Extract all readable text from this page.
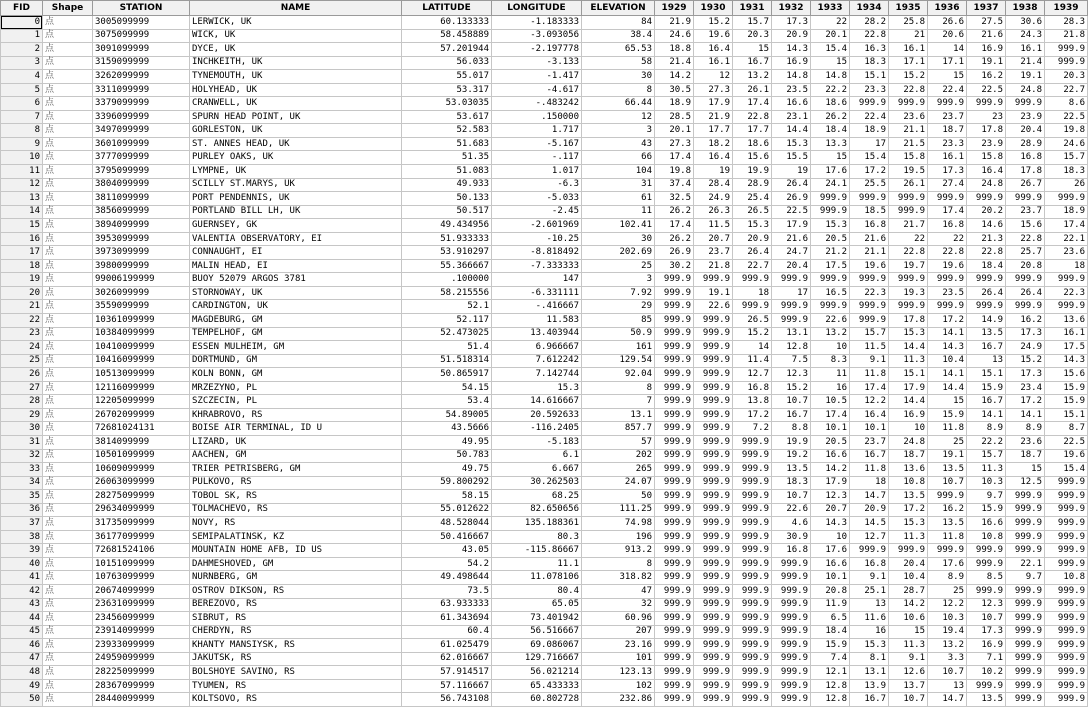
FID	Shape	STATION	NAME	LATITUDE	LONGITUDE	ELEVATION	1929	1930	1931	1932	1933	1934	1935	1936	1937	1938	1939
0	点	3005099999	LERWICK, UK	60.133333	-1.183333	84	21.9	15.2	15.7	17.3	22	28.2	25.8	26.6	27.5	30.6	28.3
1	点	3075099999	WICK, UK	58.458889	-3.093056	38.4	24.6	19.6	20.3	20.9	20.1	22.8	21	20.6	21.6	24.3	21.8
2	点	3091099999	DYCE, UK	57.201944	-2.197778	65.53	18.8	16.4	15	14.3	15.4	16.3	16.1	14	16.9	16.1	999.9
3	点	3159099999	INCHKEITH, UK	56.033	-3.133	58	21.4	16.1	16.7	16.9	15	18.3	17.1	17.1	19.1	21.4	999.9
4	点	3262099999	TYNEMOUTH, UK	55.017	-1.417	30	14.2	12	13.2	14.8	14.8	15.1	15.2	15	16.2	19.1	20.3
5	点	3311099999	HOLYHEAD, UK	53.317	-4.617	8	30.5	27.3	26.1	23.5	22.2	23.3	22.8	22.4	22.5	24.8	22.7
6	点	3379099999	CRANWELL, UK	53.03035	-.483242	66.44	18.9	17.9	17.4	16.6	18.6	999.9	999.9	999.9	999.9	999.9	8.6
7	点	3396099999	SPURN HEAD POINT, UK	53.617	.150000	12	28.5	21.9	22.8	23.1	26.2	22.4	23.6	23.7	23	23.9	22.5
8	点	3497099999	GORLESTON, UK	52.583	1.717	3	20.1	17.7	17.7	14.4	18.4	18.9	21.1	18.7	17.8	20.4	19.8
9	点	3601099999	ST. ANNES HEAD, UK	51.683	-5.167	43	27.3	18.2	18.6	15.3	13.3	17	21.5	23.3	23.9	28.9	24.6
10	点	3777099999	PURLEY OAKS, UK	51.35	-.117	66	17.4	16.4	15.6	15.5	15	15.4	15.8	16.1	15.8	16.8	15.7
11	点	3795099999	LYMPNE, UK	51.083	1.017	104	19.8	19	19.9	19	17.6	17.2	19.5	17.3	16.4	17.8	18.3
12	点	3804099999	SCILLY ST.MARYS, UK	49.933	-6.3	31	37.4	28.4	28.9	26.4	24.1	25.5	26.1	27.4	24.8	26.7	26
13	点	3811099999	PORT PENDENNIS, UK	50.133	-5.033	61	32.5	24.9	25.4	26.9	999.9	999.9	999.9	999.9	999.9	999.9	999.9
14	点	3856099999	PORTLAND BILL LH, UK	50.517	-2.45	11	26.2	26.3	26.5	22.5	999.9	18.5	999.9	17.4	20.2	23.7	18.9
15	点	3894099999	GUERNSEY, GK	49.434956	-2.601969	102.41	17.4	11.5	15.3	17.9	15.3	16.8	21.7	16.8	14.6	15.6	17.4
16	点	3953099999	VALENTIA OBSERVATORY, EI	51.933333	-10.25	30	26.2	20.7	20.9	21.6	20.5	21.6	22	22	21.3	22.8	22.1
17	点	3973099999	CONNAUGHT, EI	53.910297	-8.818492	202.69	26.9	23.7	26.4	24.7	21.2	21.1	22.8	22.8	22.8	25.7	23.6
18	点	3980099999	MALIN HEAD, EI	55.366667	-7.333333	25	30.2	21.8	22.7	20.4	17.5	19.6	19.7	19.6	18.4	20.8	18
19	点	99006199999	BUOY 52079 ARGOS 3781	.100000	147	3	999.9	999.9	999.9	999.9	999.9	999.9	999.9	999.9	999.9	999.9	999.9
20	点	3026099999	STORNOWAY, UK	58.215556	-6.331111	7.92	999.9	19.1	18	17	16.5	22.3	19.3	23.5	26.4	26.4	22.3
21	点	3559099999	CARDINGTON, UK	52.1	-.416667	29	999.9	22.6	999.9	999.9	999.9	999.9	999.9	999.9	999.9	999.9	999.9
22	点	10361099999	MAGDEBURG, GM	52.117	11.583	85	999.9	999.9	26.5	999.9	22.6	999.9	17.8	17.2	14.9	16.2	13.6
23	点	10384099999	TEMPELHOF, GM	52.473025	13.403944	50.9	999.9	999.9	15.2	13.1	13.2	15.7	15.3	14.1	13.5	17.3	16.1
24	点	10410099999	ESSEN MULHEIM, GM	51.4	6.966667	161	999.9	999.9	14	12.8	10	11.5	14.4	14.3	16.7	24.9	17.5
25	点	10416099999	DORTMUND, GM	51.518314	7.612242	129.54	999.9	999.9	11.4	7.5	8.3	9.1	11.3	10.4	13	15.2	14.3
26	点	10513099999	KOLN BONN, GM	50.865917	7.142744	92.04	999.9	999.9	12.7	12.3	11	11.8	15.1	14.1	15.1	17.3	15.6
27	点	12116099999	MRZEZYNO, PL	54.15	15.3	8	999.9	999.9	16.8	15.2	16	17.4	17.9	14.4	15.9	23.4	15.9
28	点	12205099999	SZCZECIN, PL	53.4	14.616667	7	999.9	999.9	13.8	10.7	10.5	12.2	14.4	15	16.7	17.2	15.9
29	点	26702099999	KHRABROVO, RS	54.89005	20.592633	13.1	999.9	999.9	17.2	16.7	17.4	16.4	16.9	15.9	14.1	14.1	15.1
30	点	72681024131	BOISE AIR TERMINAL, ID U	43.5666	-116.2405	857.7	999.9	999.9	7.2	8.8	10.1	10.1	10	11.8	8.9	8.9	8.7
31	点	3814099999	LIZARD, UK	49.95	-5.183	57	999.9	999.9	999.9	19.9	20.5	23.7	24.8	25	22.2	23.6	22.5
32	点	10501099999	AACHEN, GM	50.783	6.1	202	999.9	999.9	999.9	19.2	16.6	16.7	18.7	19.1	15.7	18.7	19.6
33	点	10609099999	TRIER PETRISBERG, GM	49.75	6.667	265	999.9	999.9	999.9	13.5	14.2	11.8	13.6	13.5	11.3	15	15.4
34	点	26063099999	PULKOVO, RS	59.800292	30.262503	24.07	999.9	999.9	999.9	18.3	17.9	18	10.8	10.7	10.3	12.5	999.9
35	点	28275099999	TOBOL SK, RS	58.15	68.25	50	999.9	999.9	999.9	10.7	12.3	14.7	13.5	999.9	9.7	999.9	999.9
36	点	29634099999	TOLMACHEVO, RS	55.012622	82.650656	111.25	999.9	999.9	999.9	22.6	20.7	20.9	17.2	16.2	15.9	999.9	999.9
37	点	31735099999	NOVY, RS	48.528044	135.188361	74.98	999.9	999.9	999.9	4.6	14.3	14.5	15.3	13.5	16.6	999.9	999.9
38	点	36177099999	SEMIPALATINSK, KZ	50.416667	80.3	196	999.9	999.9	999.9	30.9	10	12.7	11.3	11.8	10.8	999.9	999.9
39	点	72681524106	MOUNTAIN HOME AFB, ID US	43.05	-115.86667	913.2	999.9	999.9	999.9	16.8	17.6	999.9	999.9	999.9	999.9	999.9	999.9
40	点	10151099999	DAHMESHOVED, GM	54.2	11.1	8	999.9	999.9	999.9	999.9	16.6	16.8	20.4	17.6	999.9	22.1	999.9
41	点	10763099999	NURNBERG, GM	49.498644	11.078106	318.82	999.9	999.9	999.9	999.9	10.1	9.1	10.4	8.9	8.5	9.7	10.8
42	点	20674099999	OSTROV DIKSON, RS	73.5	80.4	47	999.9	999.9	999.9	999.9	20.8	25.1	28.7	25	999.9	999.9	999.9
43	点	23631099999	BEREZOVO, RS	63.933333	65.05	32	999.9	999.9	999.9	999.9	11.9	13	14.2	12.2	12.3	999.9	999.9
44	点	23456099999	SIBRUT, RS	61.343694	73.401942	60.96	999.9	999.9	999.9	999.9	6.5	11.6	10.6	10.3	10.7	999.9	999.9
45	点	23914099999	CHERDYN, RS	60.4	56.516667	207	999.9	999.9	999.9	999.9	18.4	16	15	19.4	17.3	999.9	999.9
46	点	23933099999	KHANTY MANSIYSK, RS	61.025479	69.086067	23.16	999.9	999.9	999.9	999.9	15.9	15.3	11.3	13.2	16.9	999.9	999.9
47	点	24959099999	JAKUTSK, RS	62.016667	129.716667	101	999.9	999.9	999.9	999.9	7.4	8.1	9.1	3.3	7.1	999.9	999.9
48	点	28225099999	BOLSHOYE SAVINO, RS	57.914517	56.021214	123.13	999.9	999.9	999.9	999.9	12.1	13.1	12.6	10.7	10.2	999.9	999.9
49	点	28367099999	TYUMEN, RS	57.116667	65.433333	102	999.9	999.9	999.9	999.9	12.8	13.9	13.7	13	999.9	999.9	999.9
50	点	28440099999	KOLTSOVO, RS	56.743108	60.802728	232.86	999.9	999.9	999.9	999.9	12.8	16.7	10.7	14.7	13.5	999.9	999.9
